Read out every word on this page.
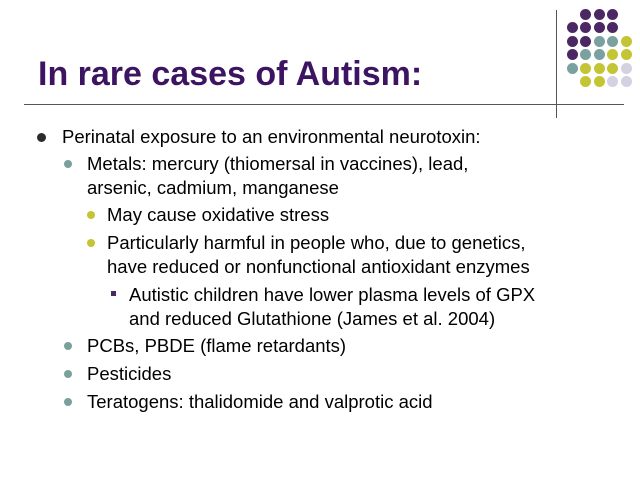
In rare cases of Autism:
Perinatal exposure to an environmental neurotoxin:
Metals: mercury (thiomersal in vaccines), lead,
arsenic, cadmium, manganese
May cause oxidative stress
Particularly harmful in people who, due to genetics,
have reduced or nonfunctional antioxidant enzymes
Autistic children have lower plasma levels of GPX
and reduced Glutathione (James et al. 2004)
PCBs, PBDE (flame retardants)
Pesticides
Teratogens: thalidomide and valprotic acid
